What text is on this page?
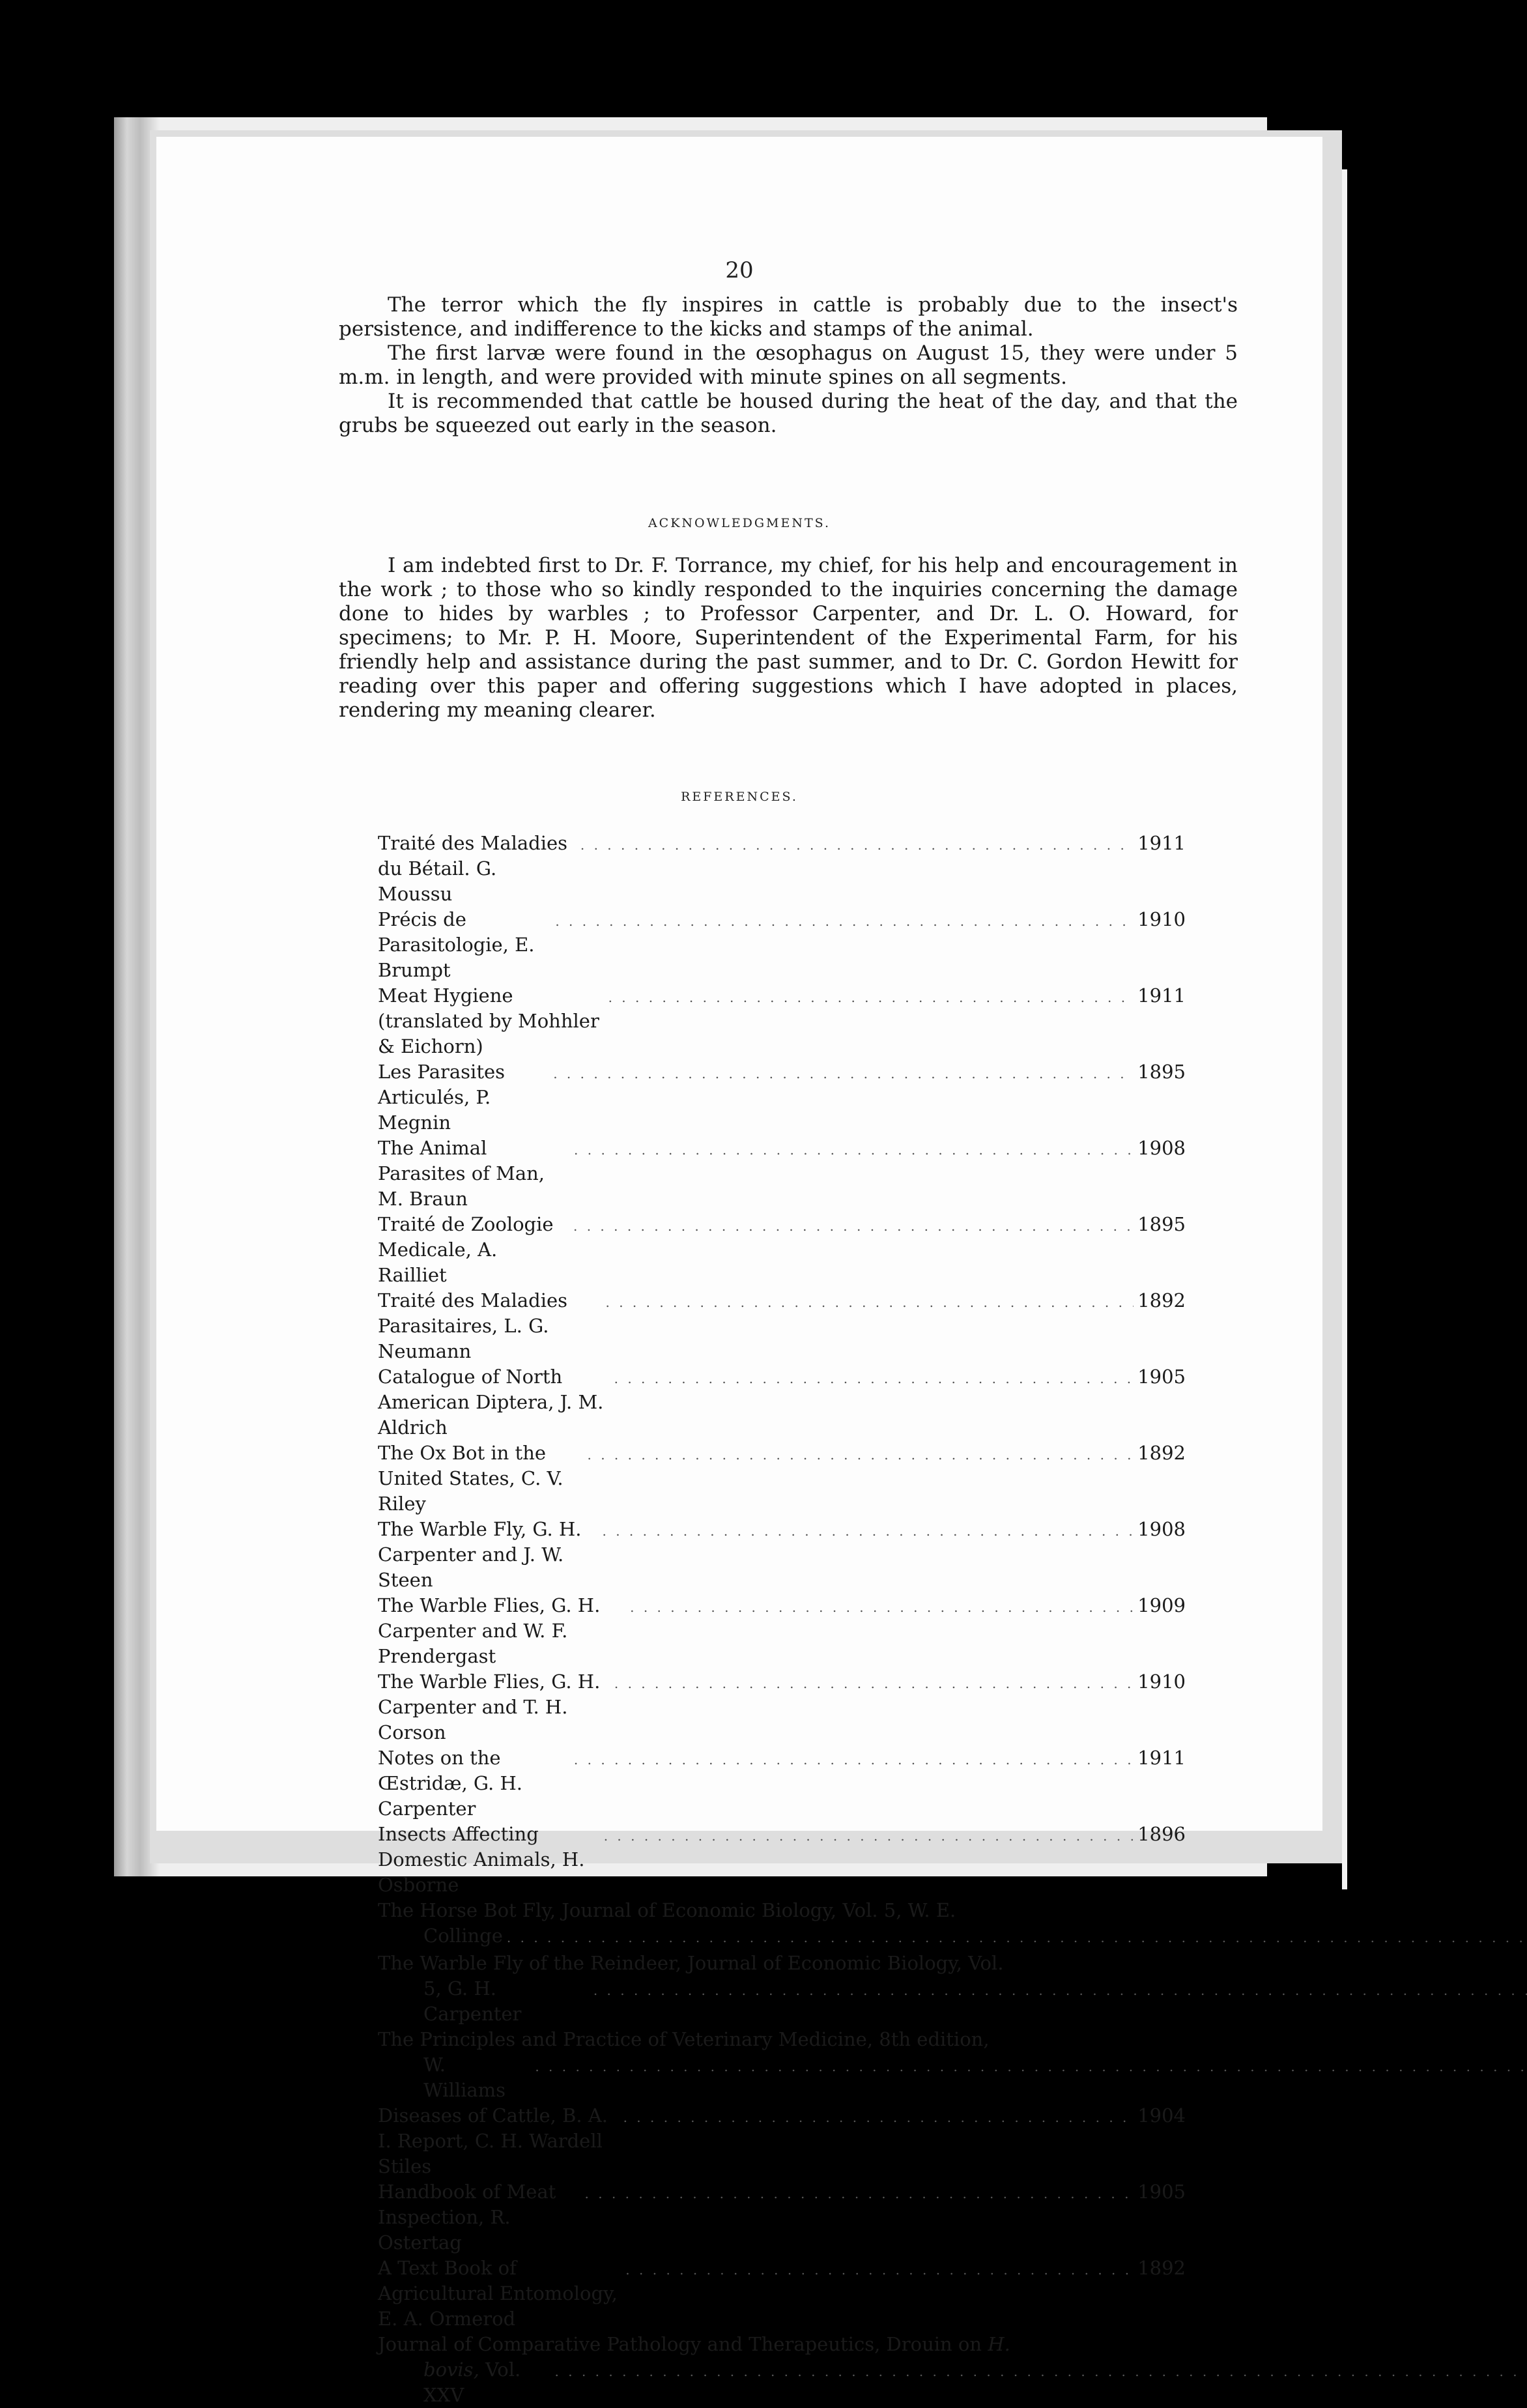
20

The terror which the fly inspires in cattle is probably due to the insect's persistence, and indifference to the kicks and stamps of the animal.

The first larvæ were found in the œsophagus on August 15, they were under 5 m.m. in length, and were provided with minute spines on all segments.

It is recommended that cattle be housed during the heat of the day, and that the grubs be squeezed out early in the season.

ACKNOWLEDGMENTS.

I am indebted first to Dr. F. Torrance, my chief, for his help and encouragement in the work ; to those who so kindly responded to the inquiries concerning the damage done to hides by warbles ; to Professor Carpenter, and Dr. L. O. Howard, for specimens; to Mr. P. H. Moore, Superintendent of the Experimental Farm, for his friendly help and assistance during the past summer, and to Dr. C. Gordon Hewitt for reading over this paper and offering suggestions which I have adopted in places, rendering my meaning clearer.

REFERENCES.
Traité des Maladies du Bétail. G. Moussu
. . .
1911
Précis de Parasitologie, E. Brumpt
. . .
1910
Meat Hygiene (translated by Mohhler & Eichorn)
. . .
1911
Les Parasites Articulés, P. Megnin
. . .
1895
The Animal Parasites of Man, M. Braun
. . .
1908
Traité de Zoologie Medicale, A. Railliet
. . .
1895
Traité des Maladies Parasitaires, L. G. Neumann
. . .
1892
Catalogue of North American Diptera, J. M. Aldrich
. . .
1905
The Ox Bot in the United States, C. V. Riley
. . .
1892
The Warble Fly, G. H. Carpenter and J. W. Steen
. . .
1908
The Warble Flies, G. H. Carpenter and W. F. Prendergast
. . .
1909
The Warble Flies, G. H. Carpenter and T. H. Corson
. . .
1910
Notes on the Œstridæ, G. H. Carpenter
. . .
1911
Insects Affecting Domestic Animals, H. Osborne
. . .
1896
The Horse Bot Fly, Journal of Economic Biology, Vol. 5, W. E.
Collinge
. . .
The Warble Fly of the Reindeer, Journal of Economic Biology, Vol.
5, G. H. Carpenter
. . .
The Principles and Practice of Veterinary Medicine, 8th edition,
W. Williams
. . .
Diseases of Cattle, B. A. I. Report, C. H. Wardell Stiles
. . .
1904
Handbook of Meat Inspection, R. Ostertag
. . .
1905
A Text Book of Agricultural Entomology, E. A. Ormerod
. . .
1892
Journal of Comparative Pathology and Therapeutics, Drouin on H.
bovis, Vol. XXV
. . .
